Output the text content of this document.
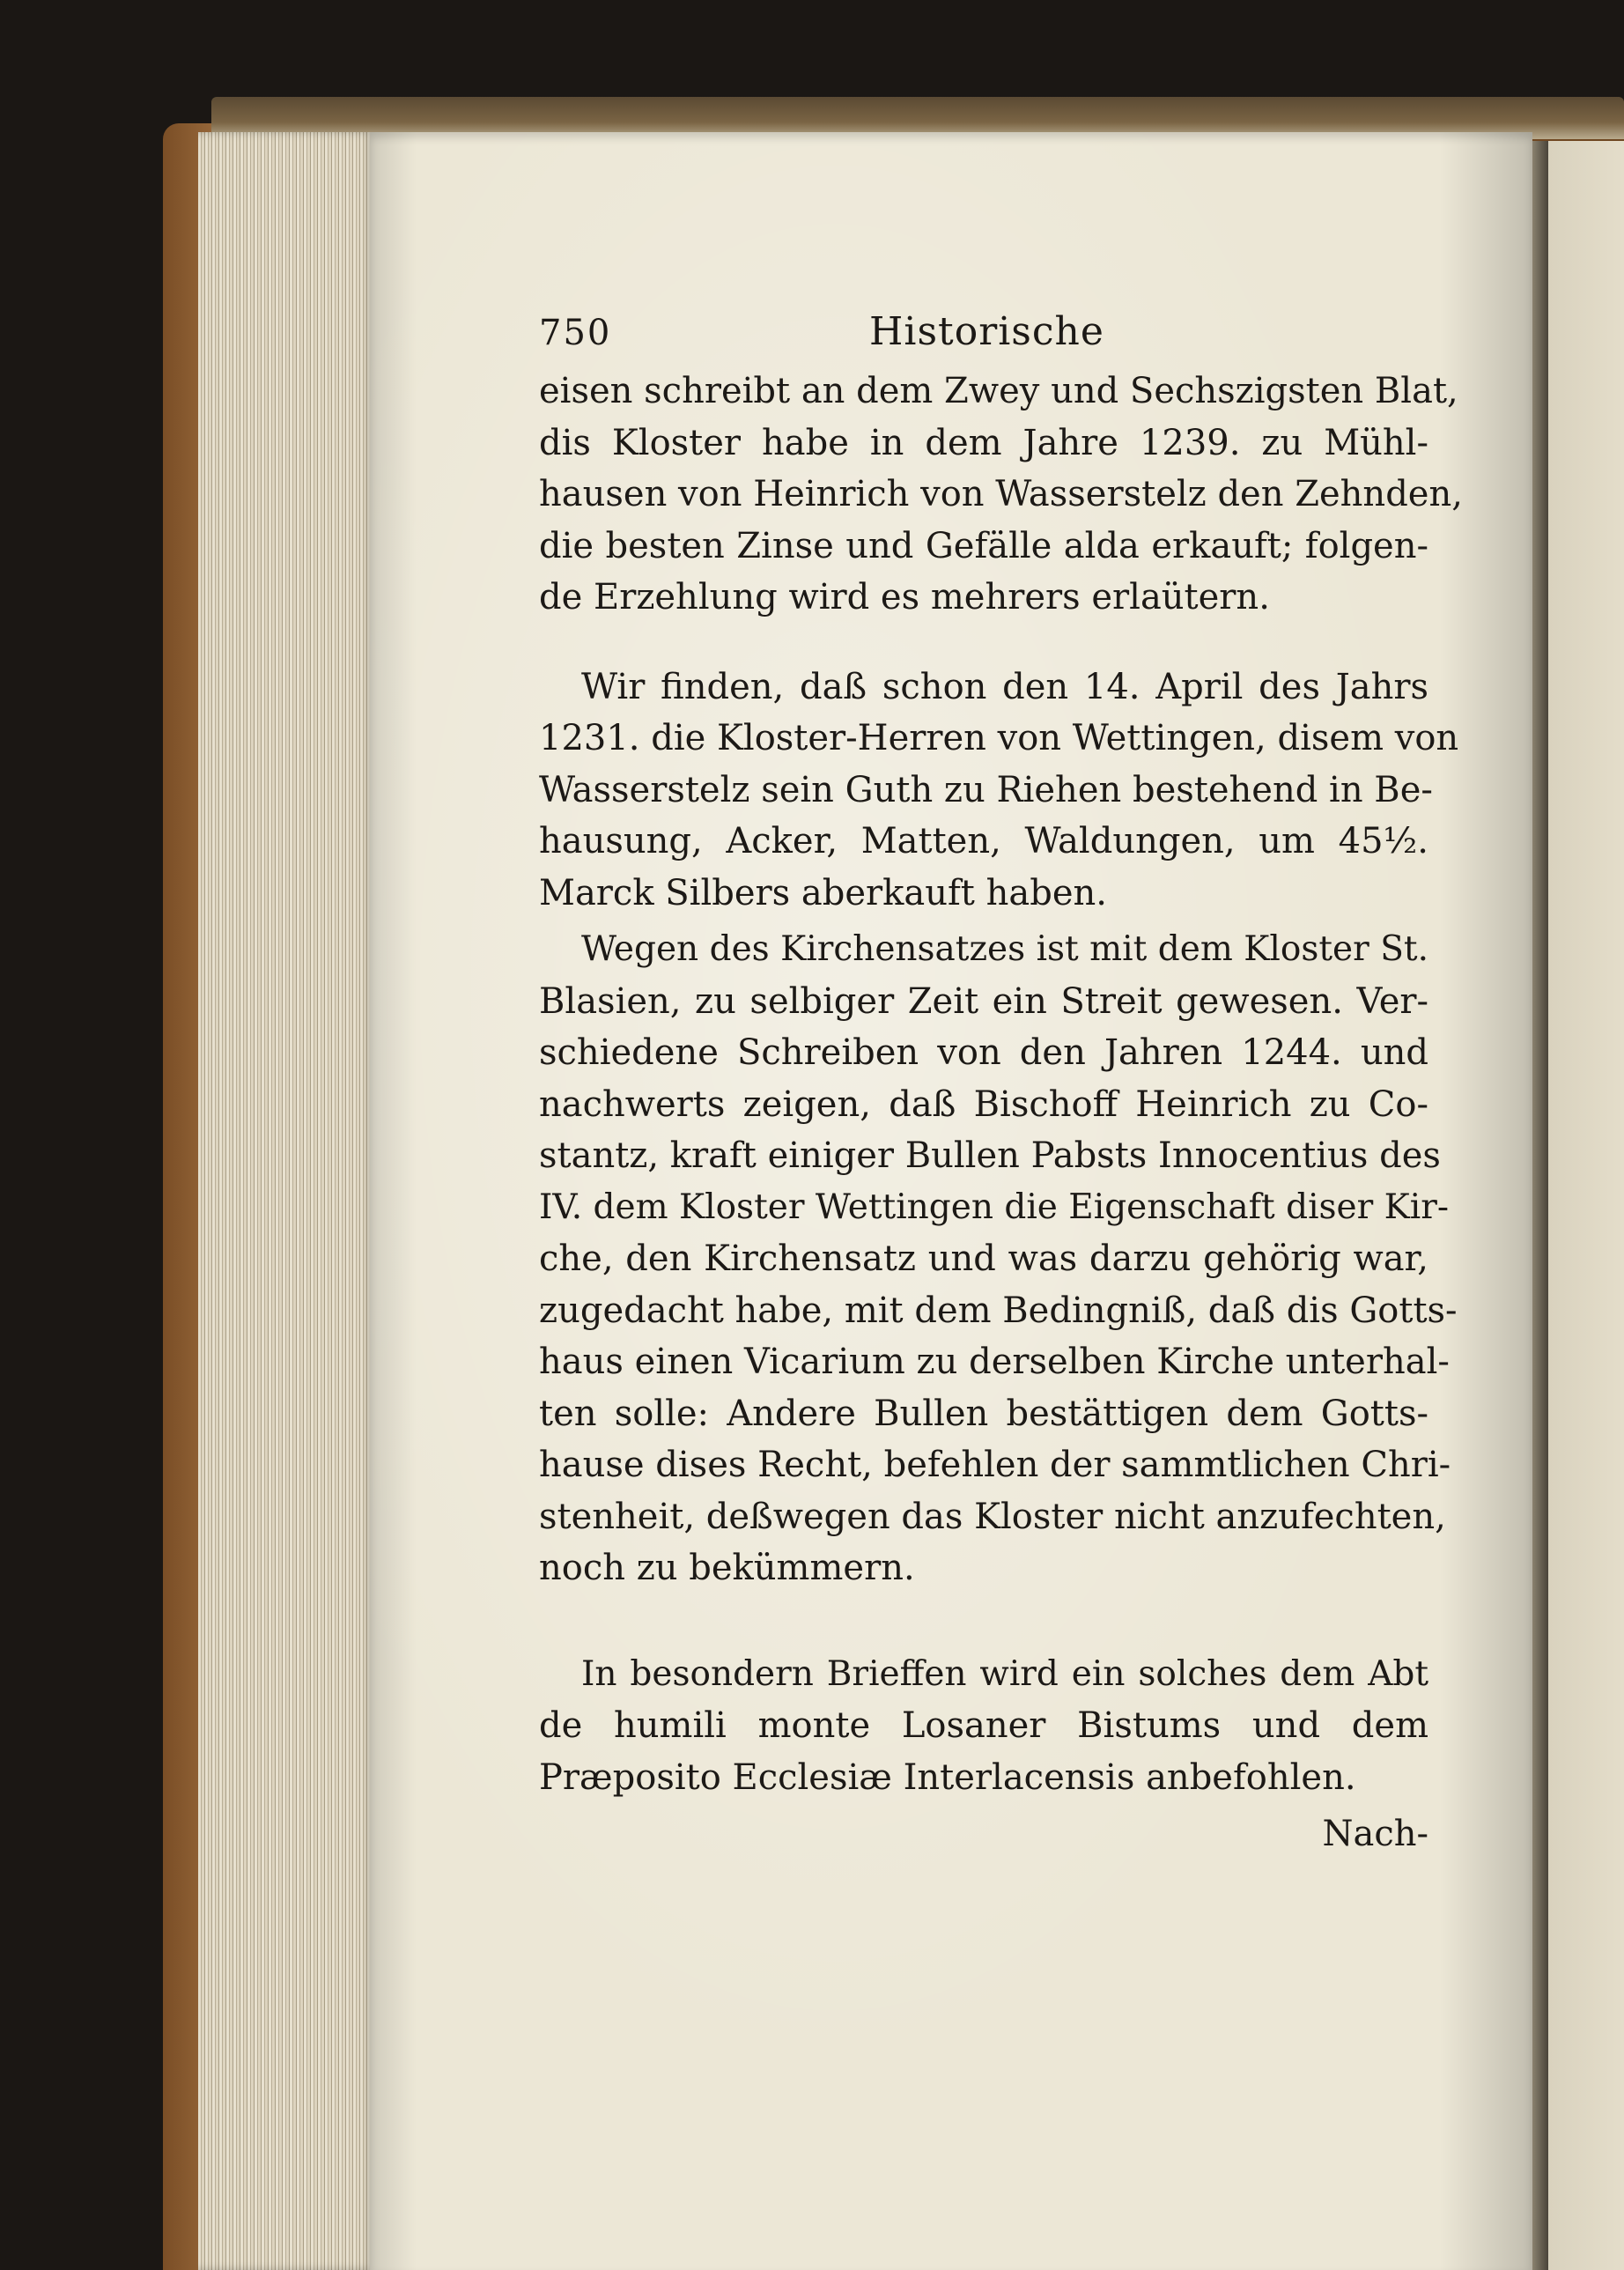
750	Historische

eisen schreibt an dem Zwey und Sechszigsten Blat,
dis Kloster habe in dem Jahre 1239. zu Mühl-
hausen von Heinrich von Wasserstelz den Zehnden,
die besten Zinse und Gefälle alda erkauft; folgen-
de Erzehlung wird es mehrers erlaütern.

Wir finden, daß schon den 14. April des Jahrs
1231. die Kloster-Herren von Wettingen, disem von
Wasserstelz sein Guth zu Riehen bestehend in Be-
hausung, Acker, Matten, Waldungen, um 45½.
Marck Silbers aberkauft haben.

Wegen des Kirchensatzes ist mit dem Kloster St.
Blasien, zu selbiger Zeit ein Streit gewesen. Ver-
schiedene Schreiben von den Jahren 1244. und
nachwerts zeigen, daß Bischoff Heinrich zu Co-
stantz, kraft einiger Bullen Pabsts Innocentius des
IV. dem Kloster Wettingen die Eigenschaft diser Kir-
che, den Kirchensatz und was darzu gehörig war,
zugedacht habe, mit dem Bedingniß, daß dis Gotts-
haus einen Vicarium zu derselben Kirche unterhal-
ten solle: Andere Bullen bestättigen dem Gotts-
hause dises Recht, befehlen der sammtlichen Chri-
stenheit, deßwegen das Kloster nicht anzufechten,
noch zu bekümmern.

In besondern Brieffen wird ein solches dem Abt
de humili monte Losaner Bistums und dem
Præposito Ecclesiæ Interlacensis anbefohlen.

Nach-
